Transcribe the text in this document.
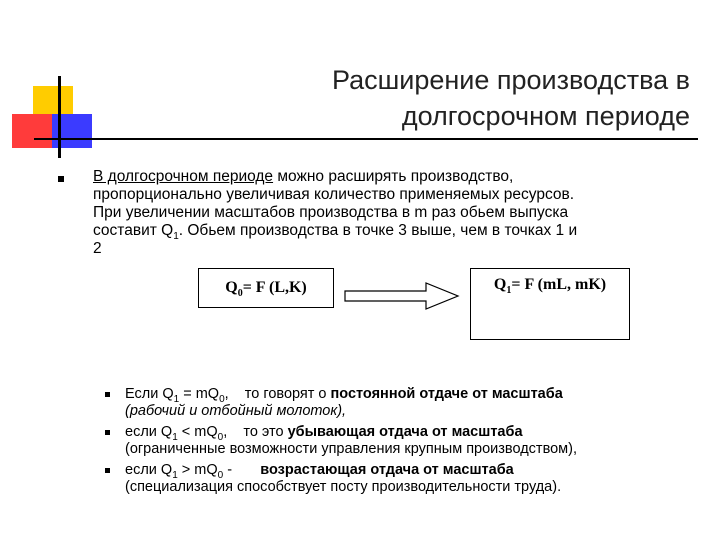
Расширение производства в
долгосрочном периоде
В долгосрочном периоде можно расширять производство,
пропорционально увеличивая количество применяемых ресурсов.
При увеличении масштабов производства в m раз обьем выпуска
составит $Q_1$. Обьем производства в точке 3 выше, чем в точках 1 и
2
$Q_0= F$ (L,K)	$Q_1= F$ (mL, mK)
Если $Q_1 = mQ_0$,    то говорят о постоянной отдаче от масштаба
(рабочий и отбойный молоток),
если $Q_1 < mQ_0$,    то это убывающая отдача от масштаба
(ограниченные возможности управления крупным производством),
если $Q_1 > mQ_0$ -       возрастающая отдача от масштаба
(специализация способствует посту производительности труда).
